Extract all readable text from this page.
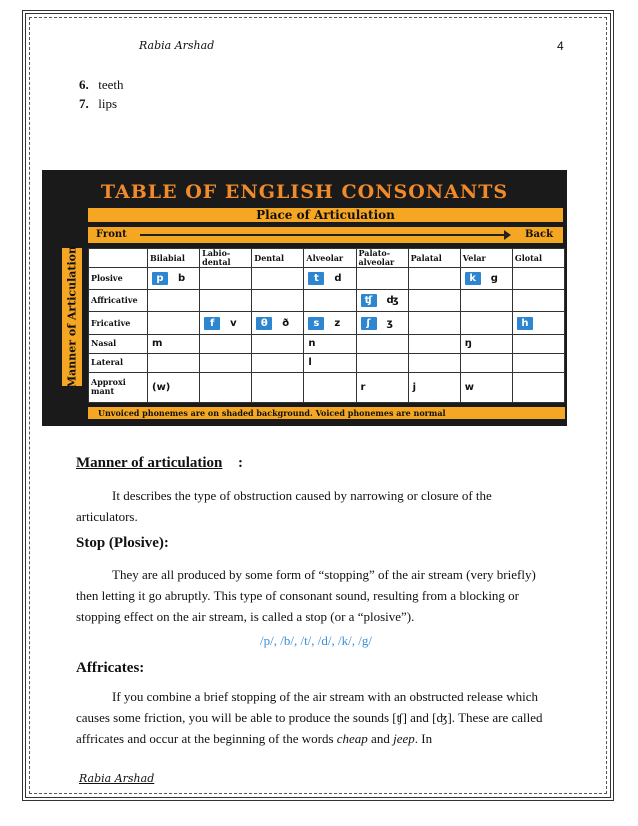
Rabia Arshad	4
6. teeth
7. lips
TABLE OF ENGLISH CONSONANTS
Place of Articulation
Front	Back
Manner of Articulation
		Bilabial	Labio-dental	Dental	Alveolar	Palato-alveolar	Palatal	Velar	Glotal
Plosive	p b			t d			k g	

Affricative					ʧ ʤ			

Fricative		f v	θ ð	s z	ʃ ʒ			h

Nasal	m			n			ŋ	

Lateral				l				

Approxi mant	(w)				r	j	w	

Unvoiced phonemes are on shaded background. Voiced phonemes are normal
Manner of articulation :
It describes the type of obstruction caused by narrowing or closure of the articulators.
Stop (Plosive):
They are all produced by some form of “stopping” of the air stream (very briefly) then letting it go abruptly. This type of consonant sound, resulting from a blocking or stopping effect on the air stream, is called a stop (or a “plosive”).
/p/, /b/, /t/, /d/, /k/, /g/
Affricates:
If you combine a brief stopping of the air stream with an obstructed release which causes some friction, you will be able to produce the sounds [ʧ] and [ʤ]. These are called affricates and occur at the beginning of the words cheap and jeep. In
Rabia Arshad
